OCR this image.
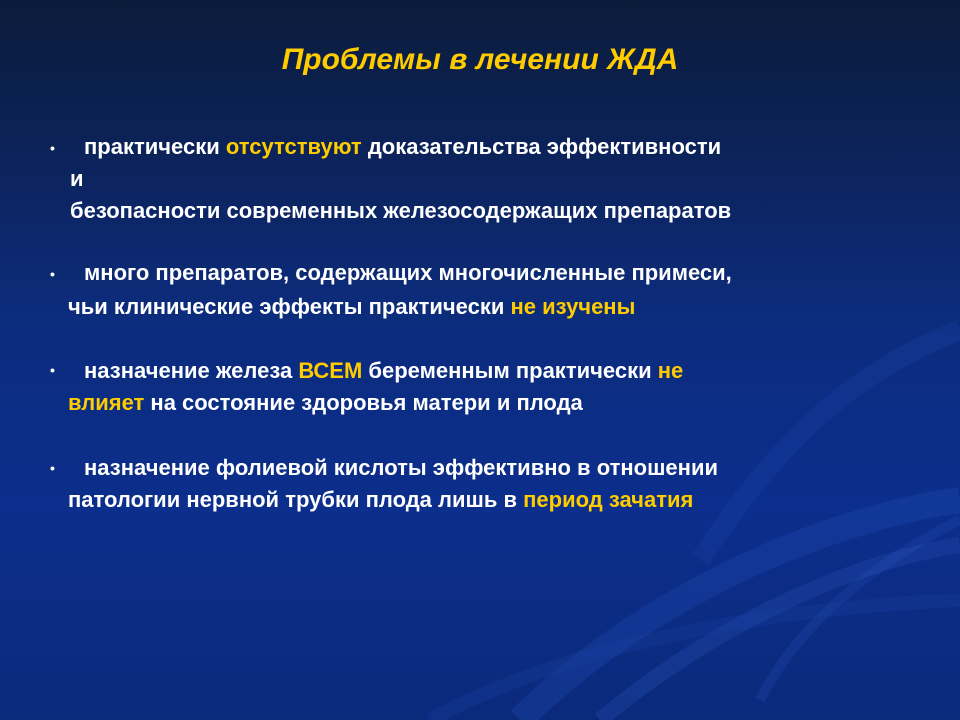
Проблемы в лечении ЖДА
• практически отсутствуют доказательства эффективности
и
безопасности современных железосодержащих препаратов
• много препаратов, содержащих многочисленные примеси,
чьи клинические эффекты практически не изучены
• назначение железа ВСЕМ беременным практически не
влияет на состояние здоровья матери и плода
• назначение фолиевой кислоты эффективно в отношении
патологии нервной трубки плода лишь в период зачатия
